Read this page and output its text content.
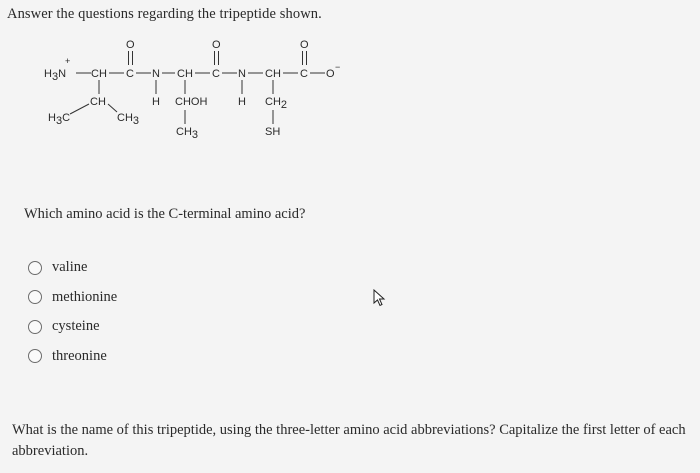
Answer the questions regarding the tripeptide shown.
H3N
+
CH C
O
N CH C
O
N CH C
O
O
−
CH
H3C	CH3
H	H
CHOH
CH3
CH2
SH
Which amino acid is the C-terminal amino acid?
valine
methionine
cysteine
threonine
What is the name of this tripeptide, using the three-letter amino acid abbreviations? Capitalize the first letter of each abbreviation.
